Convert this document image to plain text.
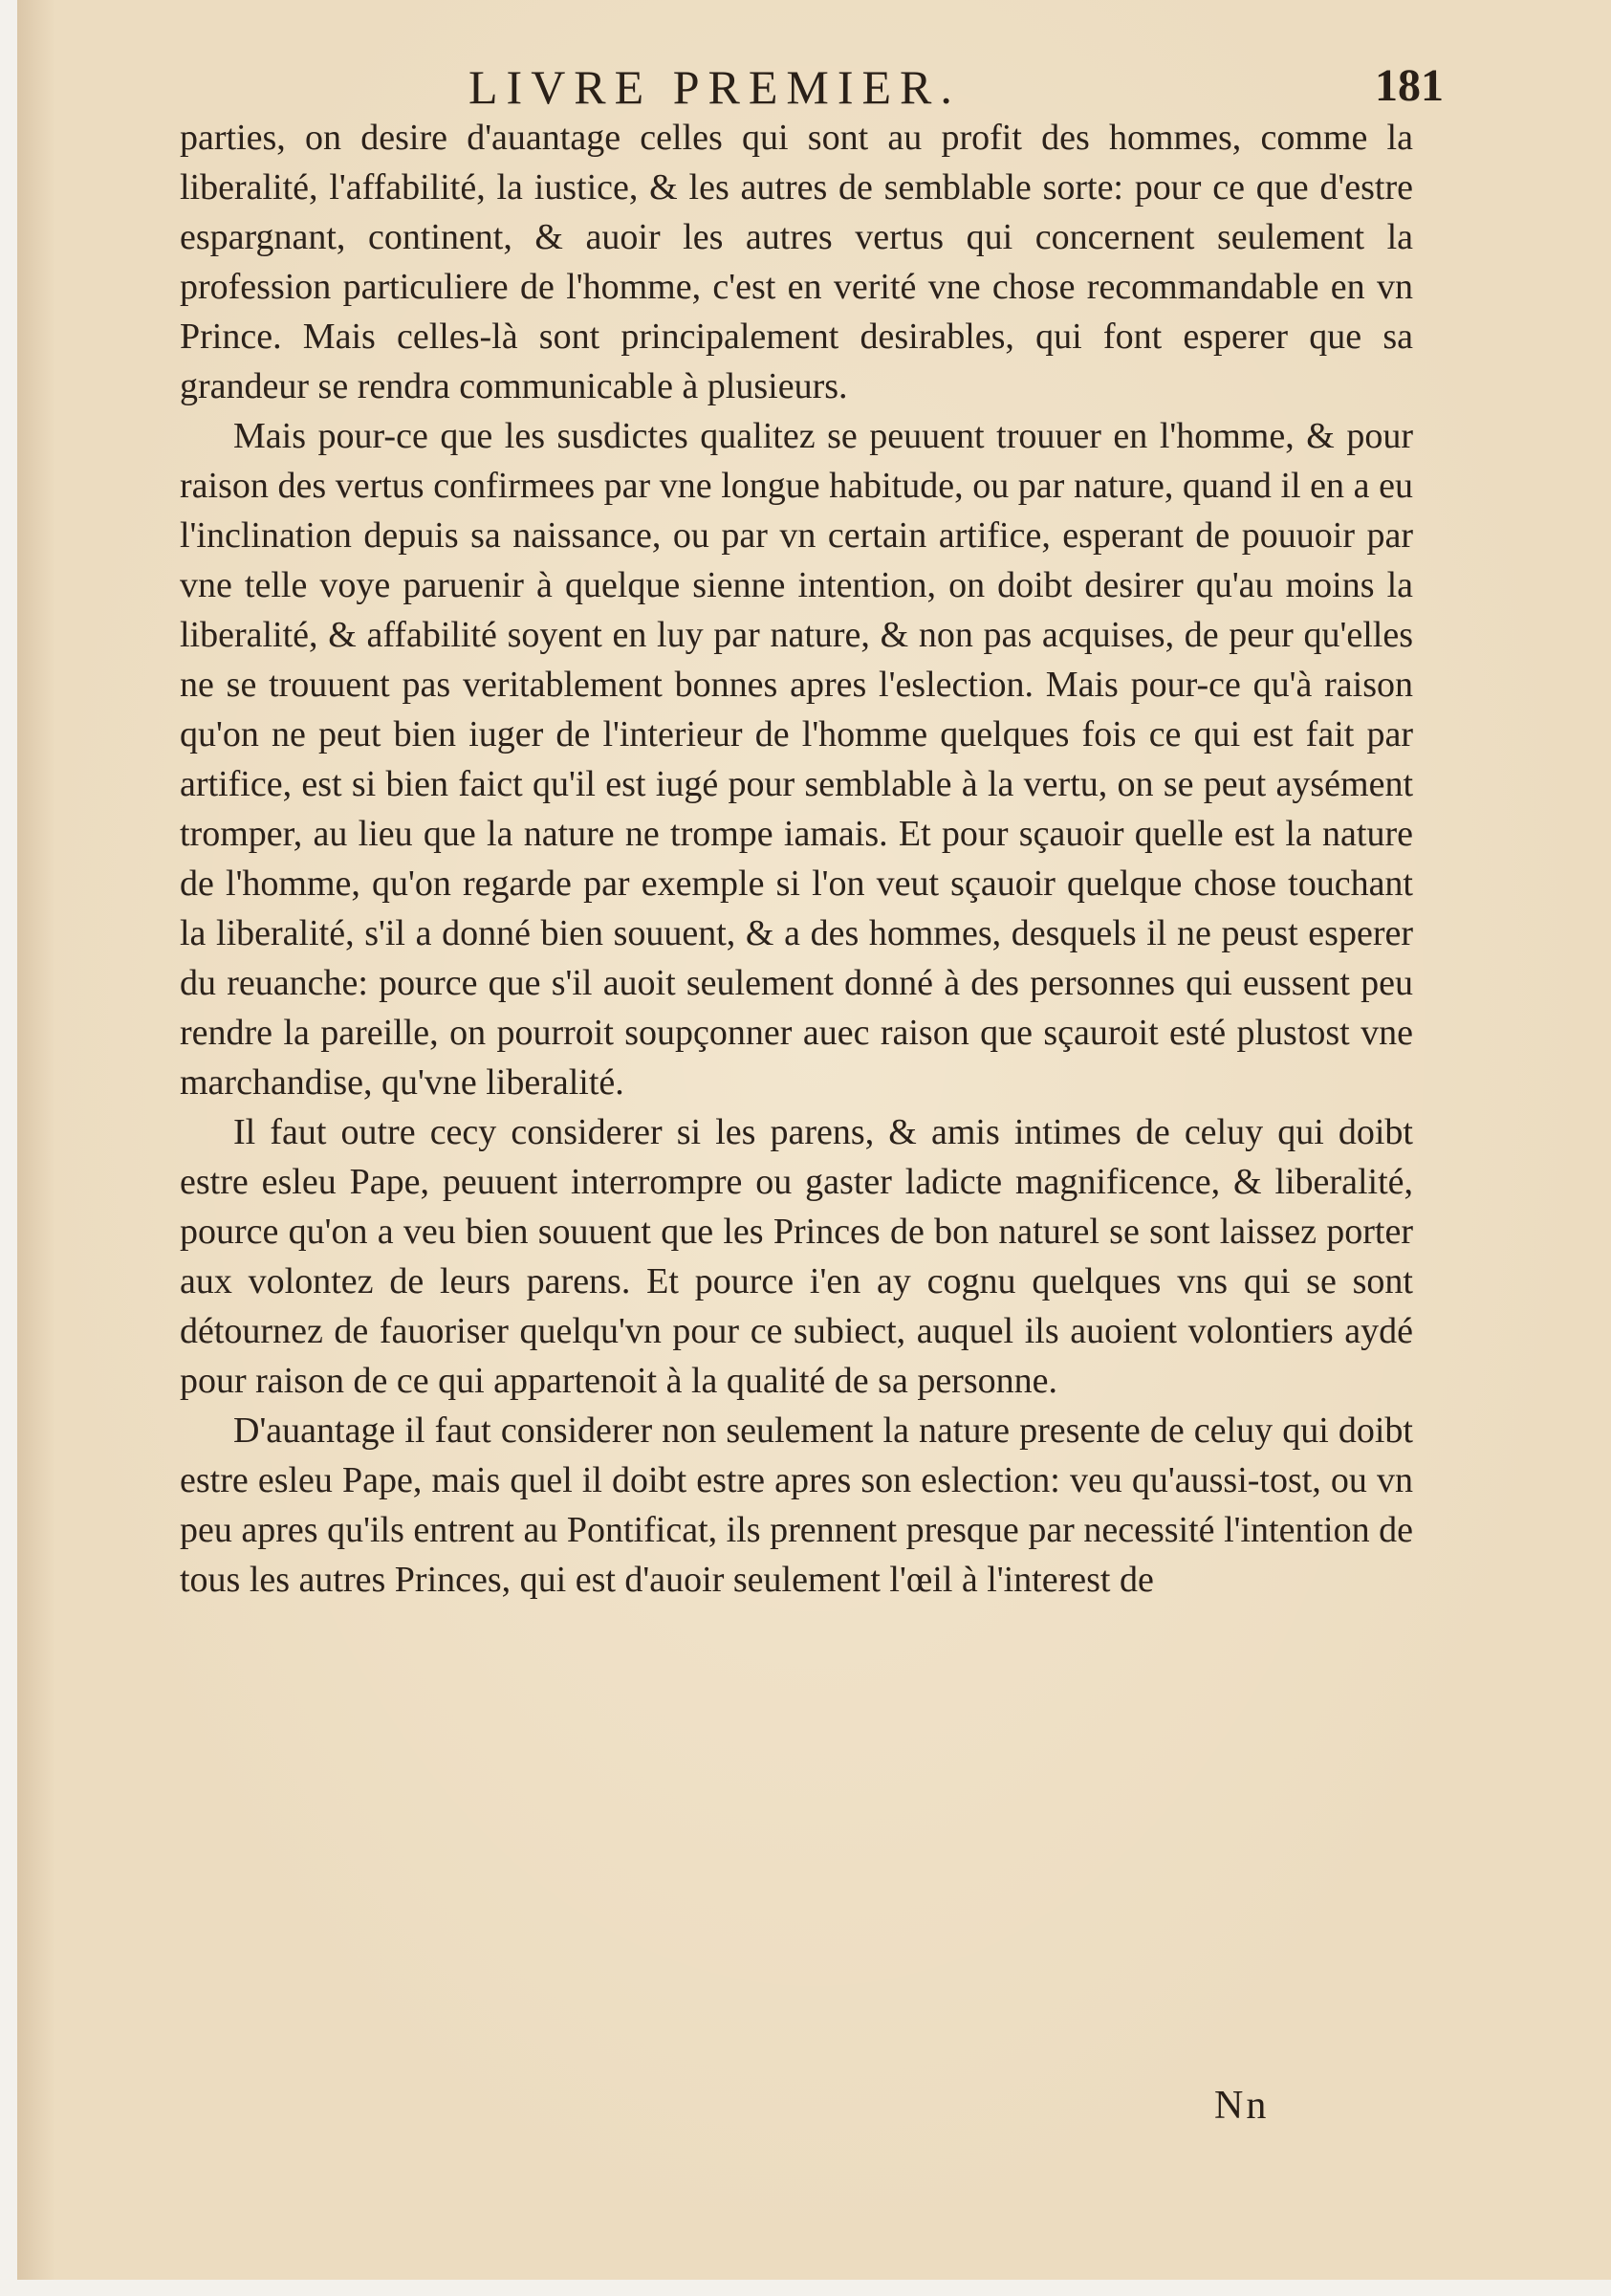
LIVRE PREMIER.	181

parties, on desire d'auantage celles qui sont au profit des hommes, comme la liberalité, l'affabilité, la iustice, & les autres de semblable sorte: pour ce que d'estre espargnant, continent, & auoir les autres vertus qui concernent seulement la profession particuliere de l'homme, c'est en verité vne chose recommandable en vn Prince. Mais celles-là sont principalement desirables, qui font esperer que sa grandeur se rendra communicable à plusieurs.

Mais pour-ce que les susdictes qualitez se peuuent trouuer en l'homme, & pour raison des vertus confirmees par vne longue habitude, ou par nature, quand il en a eu l'inclination depuis sa naissance, ou par vn certain artifice, esperant de pouuoir par vne telle voye paruenir à quelque sienne intention, on doibt desirer qu'au moins la liberalité, & affabilité soyent en luy par nature, & non pas acquises, de peur qu'elles ne se trouuent pas veritablement bonnes apres l'eslection. Mais pour-ce qu'à raison qu'on ne peut bien iuger de l'interieur de l'homme quelques fois ce qui est fait par artifice, est si bien faict qu'il est iugé pour semblable à la vertu, on se peut aysément tromper, au lieu que la nature ne trompe iamais. Et pour sçauoir quelle est la nature de l'homme, qu'on regarde par exemple si l'on veut sçauoir quelque chose touchant la liberalité, s'il a donné bien souuent, & a des hommes, desquels il ne peust esperer du reuanche: pource que s'il auoit seulement donné à des personnes qui eussent peu rendre la pareille, on pourroit soupçonner auec raison que sçauroit esté plustost vne marchandise, qu'vne liberalité.

Il faut outre cecy considerer si les parens, & amis intimes de celuy qui doibt estre esleu Pape, peuuent interrompre ou gaster ladicte magnificence, & liberalité, pource qu'on a veu bien souuent que les Princes de bon naturel se sont laissez porter aux volontez de leurs parens. Et pource i'en ay cognu quelques vns qui se sont détournez de fauoriser quelqu'vn pour ce subiect, auquel ils auoient volontiers aydé pour raison de ce qui appartenoit à la qualité de sa personne.

D'auantage il faut considerer non seulement la nature presente de celuy qui doibt estre esleu Pape, mais quel il doibt estre apres son eslection: veu qu'aussi-tost, ou vn peu apres qu'ils entrent au Pontificat, ils prennent presque par necessité l'intention de tous les autres Princes, qui est d'auoir seulement l'œil à l'interest de

Nn
